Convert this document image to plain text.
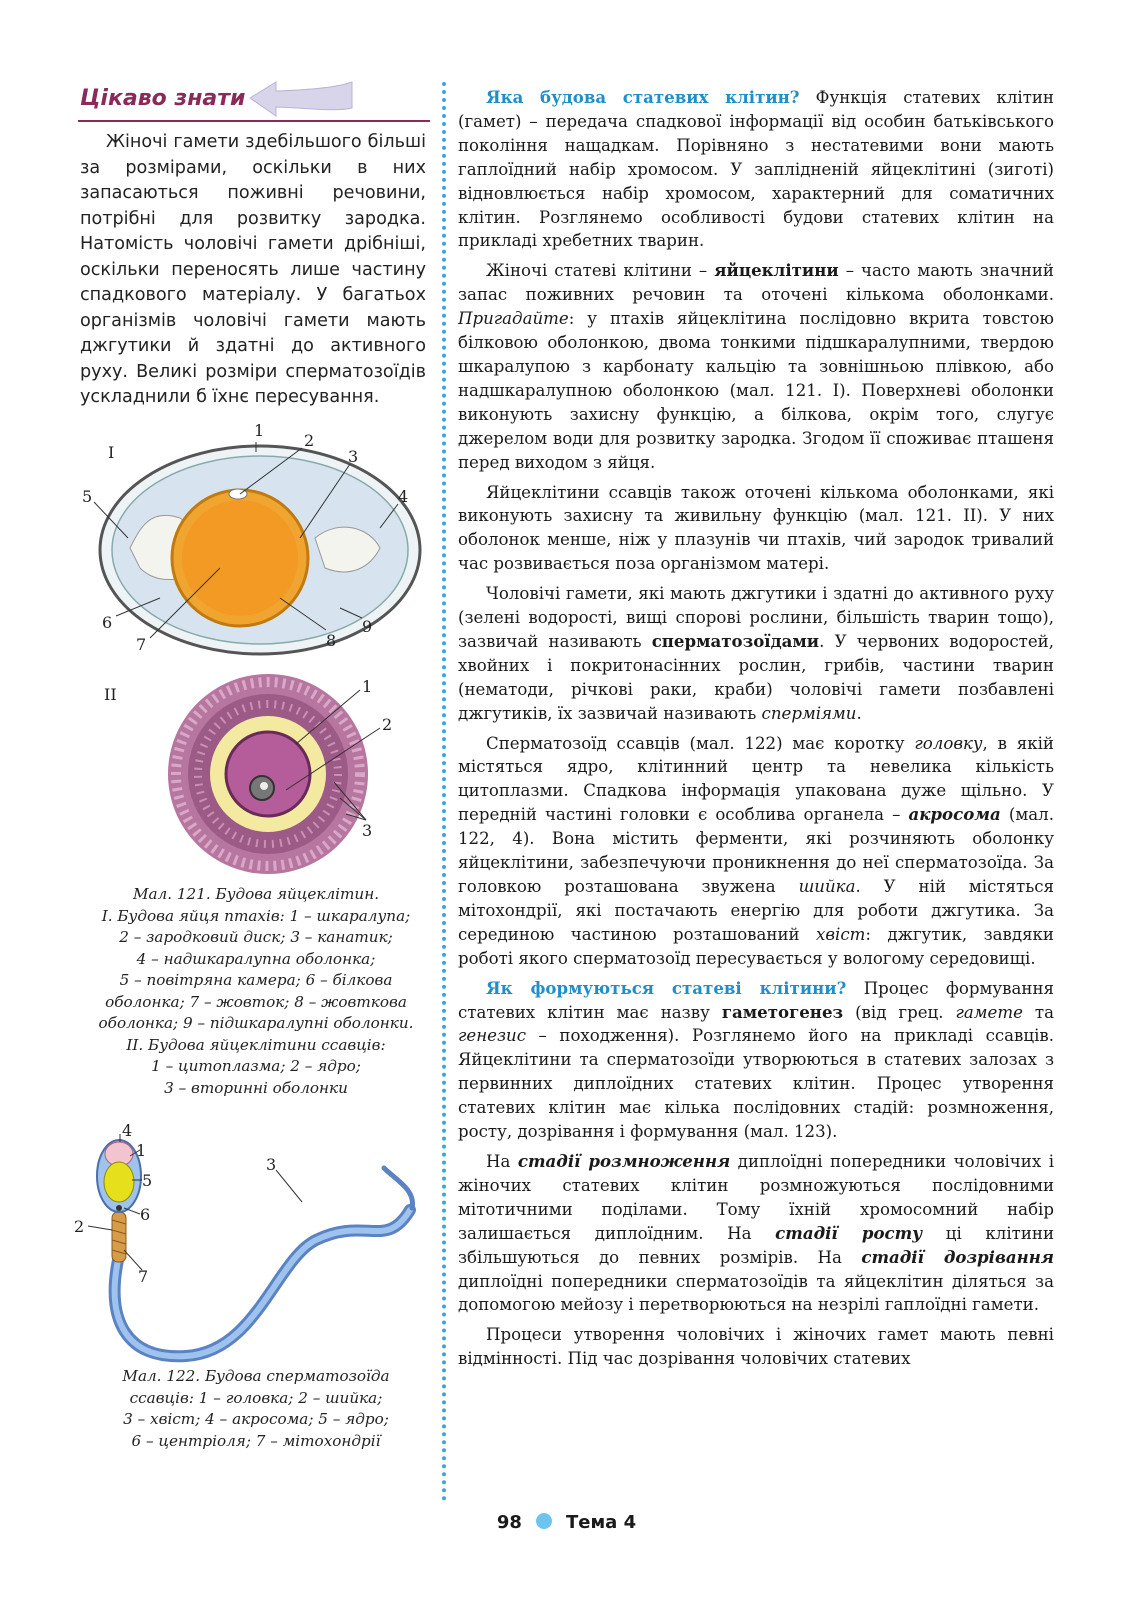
Цікаво знати

Жіночі гамети здебільшого більші за розмірами, оскільки в них запасаються поживні речовини, потрібні для розвитку зародка. Натомість чоловічі гамети дрібніші, оскільки переносять лише частину спадкового матеріалу. У багатьох організмів чоловічі гамети мають джгутики й здатні до активного руху. Великі розміри сперматозоїдів ускладнили б їхнє пересування.

I
1
2
3
4
5
6
7	8
9
II	1
2
3
Мал. 121. Будова яйцеклітин.
І. Будова яйця птахів: 1 – шкаралупа;
2 – зародковий диск; 3 – канатик;
4 – надшкаралупна оболонка;
5 – повітряна камера; 6 – білкова
оболонка; 7 – жовток; 8 – жовткова
оболонка; 9 – підшкаралупні оболонки.
ІІ. Будова яйцеклітини ссавців:
1 – цитоплазма; 2 – ядро;
3 – вторинні оболонки
4
1
5
6
2
7
3
Мал. 122. Будова сперматозоїда
ссавців: 1 – головка; 2 – шийка;
3 – хвіст; 4 – акросома; 5 – ядро;
6 – центріоля; 7 – мітохондрії

Яка будова статевих клітин? Функція статевих клітин (гамет) – передача спадкової інформації від особин батьківського покоління нащадкам. Порівняно з нестатевими вони мають гаплоїдний набір хромосом. У заплідненій яйцеклітині (зиготі) відновлюється набір хромосом, характерний для соматичних клітин. Розглянемо особливості будови статевих клітин на прикладі хребетних тварин.

Жіночі статеві клітини – яйцеклітини – часто мають значний запас поживних речовин та оточені кількома оболонками. Пригадайте: у птахів яйцеклітина послідовно вкрита товстою білковою оболонкою, двома тонкими підшкаралупними, твердою шкаралупою з карбонату кальцію та зовнішньою плівкою, або надшкаралупною оболонкою (мал. 121. І). Поверхневі оболонки виконують захисну функцію, а білкова, окрім того, слугує джерелом води для розвитку зародка. Згодом її споживає пташеня перед виходом з яйця.

Яйцеклітини ссавців також оточені кількома оболонками, які виконують захисну та живильну функцію (мал. 121. ІІ). У них оболонок менше, ніж у плазунів чи птахів, чий зародок тривалий час розвивається поза організмом матері.

Чоловічі гамети, які мають джгутики і здатні до активного руху (зелені водорості, вищі спорові рослини, більшість тварин тощо), зазвичай називають сперматозоїдами. У червоних водоростей, хвойних і покритонасінних рослин, грибів, частини тварин (нематоди, річкові раки, краби) чоловічі гамети позбавлені джгутиків, їх зазвичай називають спермiями.

Сперматозоїд ссавців (мал. 122) має коротку головку, в якій містяться ядро, клітинний центр та невелика кількість цитоплазми. Спадкова інформація упакована дуже щільно. У передній частині головки є особлива органела – акросома (мал. 122, 4). Вона містить ферменти, які розчиняють оболонку яйцеклітини, забезпечуючи проникнення до неї сперматозоїда. За головкою розташована звужена шийка. У ній містяться мітохондрії, які постачають енергію для роботи джгутика. За серединою частиною розташований хвіст: джгутик, завдяки роботі якого сперматозоїд пересувається у вологому середовищі.

Як формуються статеві клітини? Процес формування статевих клітин має назву гаметогенез (від грец. гамете та генезис – походження). Розглянемо його на прикладі ссавців. Яйцеклітини та сперматозоїди утворюються в статевих залозах з первинних диплоїдних статевих клітин. Процес утворення статевих клітин має кілька послідовних стадій: розмноження, росту, дозрівання і формування (мал. 123).

На стадії розмноження диплоїдні попередники чоловічих і жіночих статевих клітин розмножуються послідовними мітотичними поділами. Тому їхній хромосомний набір залишається диплоїдним. На стадії росту ці клітини збільшуються до певних розмірів. На стадії дозрівання диплоїдні попередники сперматозоїдів та яйцеклітин діляться за допомогою мейозу і перетворюються на незрілі гаплоїдні гамети.

Процеси утворення чоловічих і жіночих гамет мають певні відмінності. Під час дозрівання чоловічих статевих

98 Тема 4
